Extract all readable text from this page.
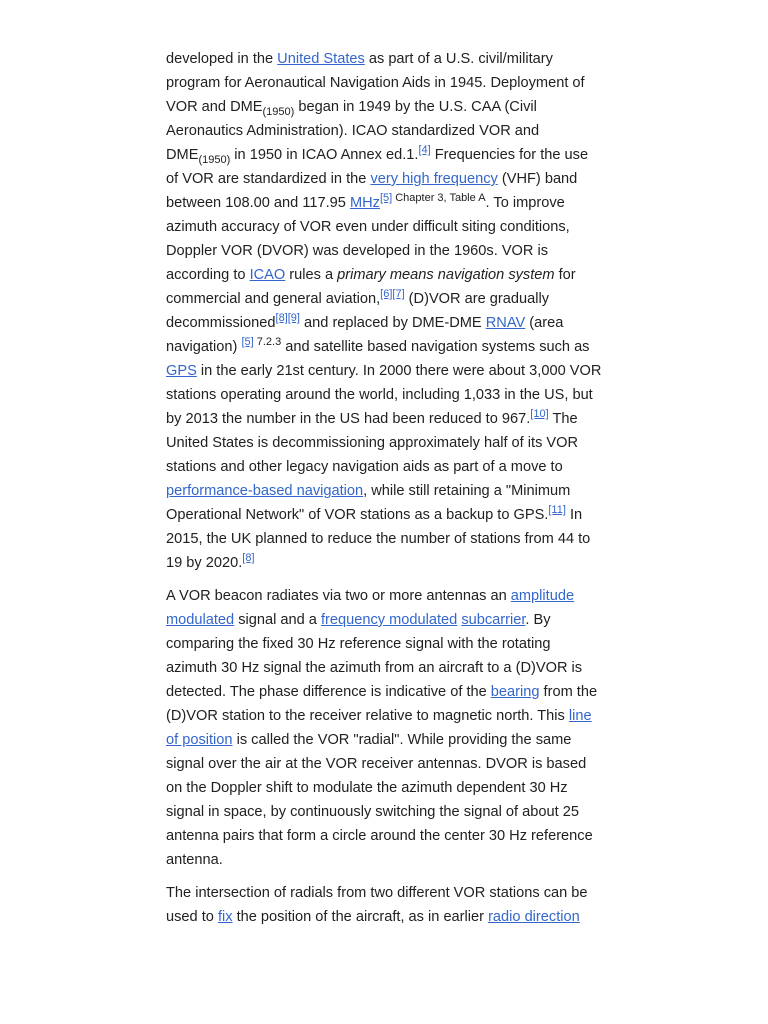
developed in the United States as part of a U.S. civil/military program for Aeronautical Navigation Aids in 1945. Deployment of VOR and $DME_{(1950)}$ began in 1949 by the U.S. CAA (Civil Aeronautics Administration). ICAO standardized VOR and $DME_{(1950)}$ in 1950 in ICAO Annex ed.1.[4] Frequencies for the use of VOR are standardized in the very high frequency (VHF) band between 108.00 and 117.95 MHz[5] $^{Chapter 3, Table A}$. To improve azimuth accuracy of VOR even under difficult siting conditions, Doppler VOR (DVOR) was developed in the 1960s. VOR is according to ICAO rules a primary means navigation system for commercial and general aviation,[6][7] (D)VOR are gradually decommissioned[8][9] and replaced by DME-DME RNAV (area navigation) [5] $^{7.2.3}$ and satellite based navigation systems such as GPS in the early 21st century. In 2000 there were about 3,000 VOR stations operating around the world, including 1,033 in the US, but by 2013 the number in the US had been reduced to 967.[10] The United States is decommissioning approximately half of its VOR stations and other legacy navigation aids as part of a move to performance-based navigation, while still retaining a "Minimum Operational Network" of VOR stations as a backup to GPS.[11] In 2015, the UK planned to reduce the number of stations from 44 to 19 by 2020.[8]

A VOR beacon radiates via two or more antennas an amplitude modulated signal and a frequency modulated subcarrier. By comparing the fixed 30 Hz reference signal with the rotating azimuth 30 Hz signal the azimuth from an aircraft to a (D)VOR is detected. The phase difference is indicative of the bearing from the (D)VOR station to the receiver relative to magnetic north. This line of position is called the VOR "radial". While providing the same signal over the air at the VOR receiver antennas. DVOR is based on the Doppler shift to modulate the azimuth dependent 30 Hz signal in space, by continuously switching the signal of about 25 antenna pairs that form a circle around the center 30 Hz reference antenna.

The intersection of radials from two different VOR stations can be used to fix the position of the aircraft, as in earlier radio direction
